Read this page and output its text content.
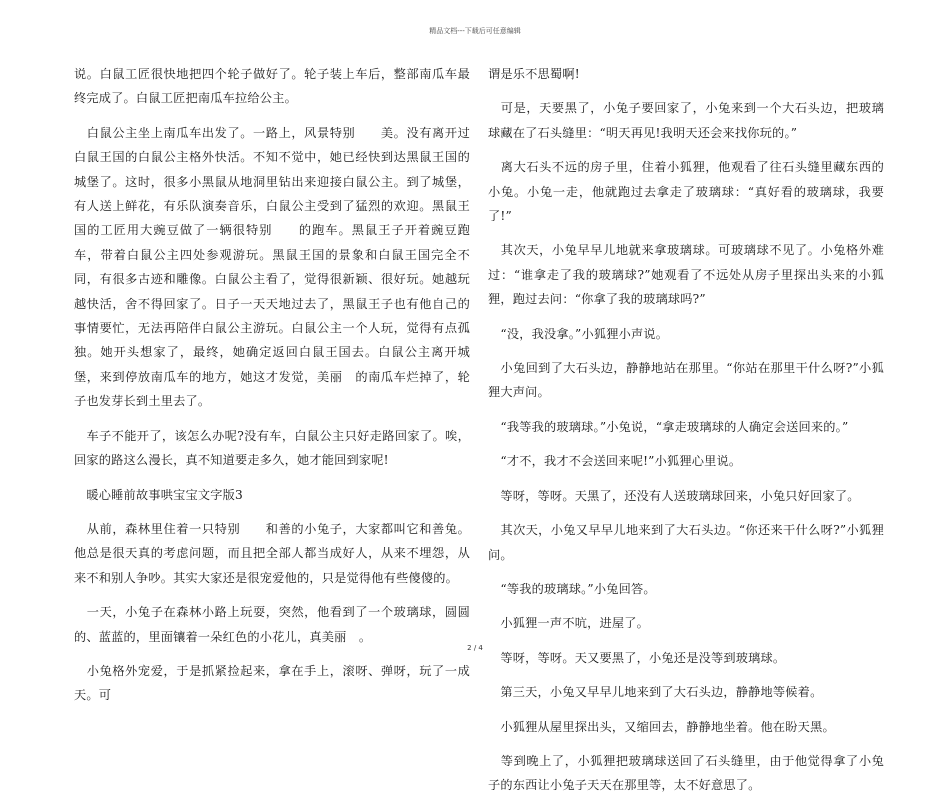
精品文档---下载后可任意编辑

说。白鼠工匠很快地把四个轮子做好了。轮子装上车后，整部南瓜车最终完成了。白鼠工匠把南瓜车拉给公主。

　白鼠公主坐上南瓜车出发了。一路上，风景特别　　美。没有离开过白鼠王国的白鼠公主格外快活。不知不觉中，她已经快到达黑鼠王国的城堡了。这时，很多小黑鼠从地洞里钻出来迎接白鼠公主。到了城堡，有人送上鲜花，有乐队演奏音乐，白鼠公主受到了猛烈的欢迎。黑鼠王国的工匠用大豌豆做了一辆很特别　　的跑车。黑鼠王子开着豌豆跑车，带着白鼠公主四处参观游玩。黑鼠王国的景象和白鼠王国完全不同，有很多古迹和雕像。白鼠公主看了，觉得很新颖、很好玩。她越玩越快活，舍不得回家了。日子一天天地过去了，黑鼠王子也有他自己的事情要忙，无法再陪伴白鼠公主游玩。白鼠公主一个人玩，觉得有点孤独。她开头想家了，最终，她确定返回白鼠王国去。白鼠公主离开城堡，来到停放南瓜车的地方，她这才发觉，美丽　的南瓜车烂掉了，轮子也发芽长到土里去了。

　车子不能开了，该怎么办呢?没有车，白鼠公主只好走路回家了。唉，回家的路这么漫长，真不知道要走多久，她才能回到家呢!

　暖心睡前故事哄宝宝文字版3

　从前，森林里住着一只特别　　和善的小兔子，大家都叫它和善兔。他总是很天真的考虑问题，而且把全部人都当成好人，从来不埋怨，从来不和别人争吵。其实大家还是很宠爱他的，只是觉得他有些傻傻的。

　一天，小兔子在森林小路上玩耍，突然，他看到了一个玻璃球，圆圆的、蓝蓝的，里面镶着一朵红色的小花儿，真美丽　。

　小兔格外宠爱，于是抓紧捡起来，拿在手上，滚呀、弹呀，玩了一成天。可

谓是乐不思蜀啊!

　可是，天要黑了，小兔子要回家了，小兔来到一个大石头边，把玻璃球藏在了石头缝里：“明天再见!我明天还会来找你玩的。”

　离大石头不远的房子里，住着小狐狸，他观看了往石头缝里藏东西的小兔。小兔一走，他就跑过去拿走了玻璃球：“真好看的玻璃球，我要了!”

　其次天，小兔早早儿地就来拿玻璃球。可玻璃球不见了。小兔格外难过：“谁拿走了我的玻璃球?”她观看了不远处从房子里探出头来的小狐狸，跑过去问：“你拿了我的玻璃球吗?”

　“没，我没拿。”小狐狸小声说。

　小兔回到了大石头边，静静地站在那里。“你站在那里干什么呀?”小狐狸大声问。

　“我等我的玻璃球。”小兔说，“拿走玻璃球的人确定会送回来的。”

　“才不，我才不会送回来呢!”小狐狸心里说。

　等呀，等呀。天黑了，还没有人送玻璃球回来，小兔只好回家了。

　其次天，小兔又早早儿地来到了大石头边。“你还来干什么呀?”小狐狸问。

　“等我的玻璃球。”小兔回答。

　小狐狸一声不吭，进屋了。

　等呀，等呀。天又要黑了，小兔还是没等到玻璃球。

　第三天，小兔又早早儿地来到了大石头边，静静地等候着。

　小狐狸从屋里探出头，又缩回去，静静地坐着。他在盼天黑。

　等到晚上了，小狐狸把玻璃球送回了石头缝里，由于他觉得拿了小兔子的东西让小兔子天天在那里等，太不好意思了。

2 / 4
